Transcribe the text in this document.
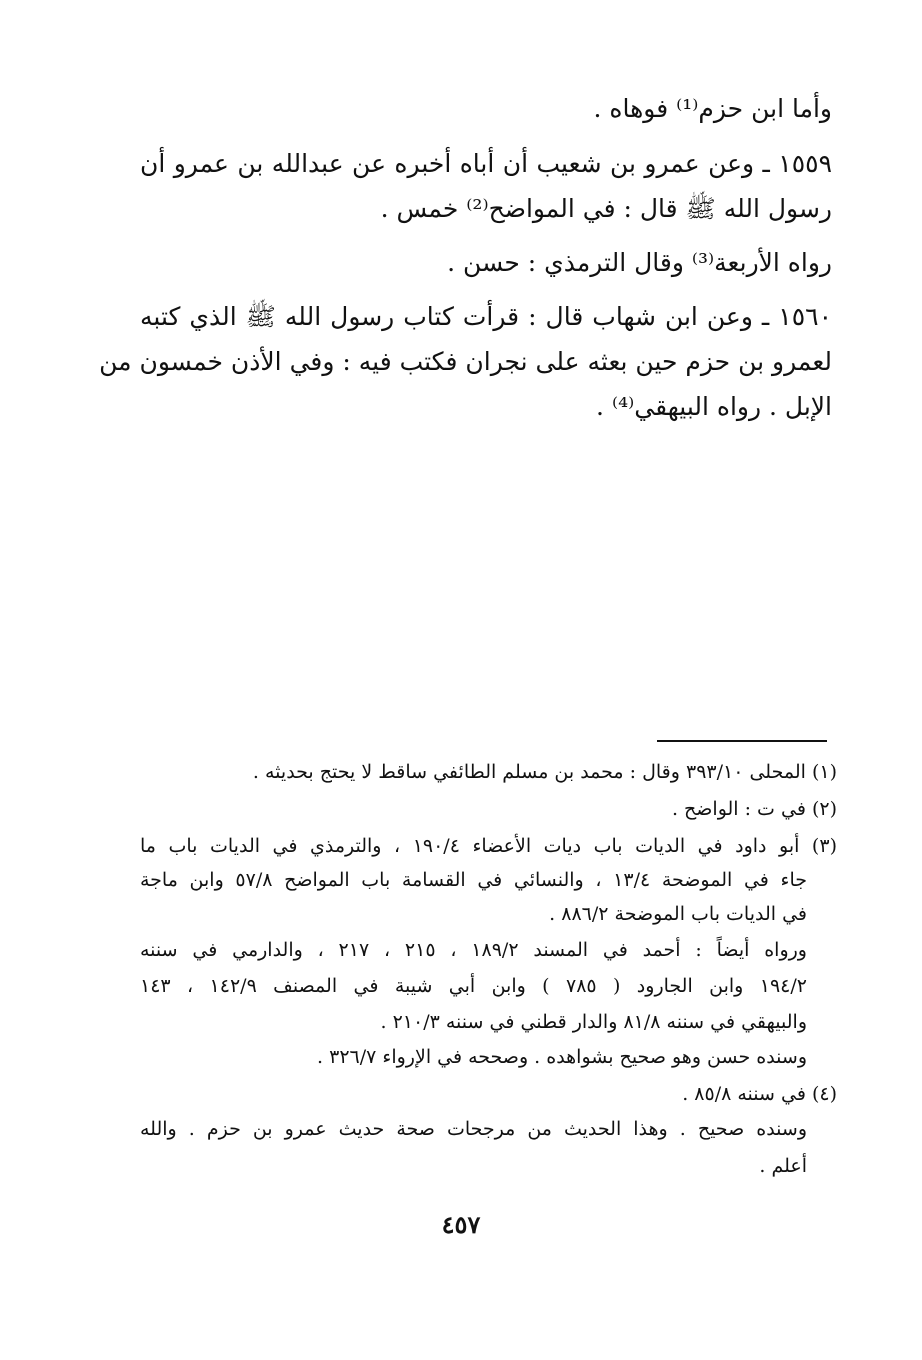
وأما ابن حزم⁽¹⁾ فوهاه .
١٥٥٩ ـ وعن عمرو بن شعيب أن أباه أخبره عن عبدالله بن عمرو أن
رسول الله ﷺ قال : في المواضح⁽²⁾ خمس .
رواه الأربعة⁽³⁾ وقال الترمذي : حسن .
١٥٦٠ ـ وعن ابن شهاب قال : قرأت كتاب رسول الله ﷺ الذي كتبه
لعمرو بن حزم حين بعثه على نجران فكتب فيه : وفي الأذن خمسون من
الإبل . رواه البيهقي⁽⁴⁾ .
(١) المحلى ٣٩٣/١٠ وقال : محمد بن مسلم الطائفي ساقط لا يحتج بحديثه .
(٢) في ت : الواضح .
(٣) أبو داود في الديات باب ديات الأعضاء ١٩٠/٤ ، والترمذي في الديات باب ما
جاء في الموضحة ١٣/٤ ، والنسائي في القسامة باب المواضح ٥٧/٨ وابن ماجة
في الديات باب الموضحة ٨٨٦/٢ .
ورواه أيضاً : أحمد في المسند ١٨٩/٢ ، ٢١٥ ، ٢١٧ ، والدارمي في سننه
١٩٤/٢ وابن الجارود ( ٧٨٥ ) وابن أبي شيبة في المصنف ١٤٢/٩ ، ١٤٣
والبيهقي في سننه ٨١/٨ والدار قطني في سننه ٢١٠/٣ .
وسنده حسن وهو صحيح بشواهده . وصححه في الإرواء ٣٢٦/٧ .
(٤) في سننه ٨٥/٨ .
وسنده صحيح . وهذا الحديث من مرجحات صحة حديث عمرو بن حزم . والله
أعلم .
٤٥٧
